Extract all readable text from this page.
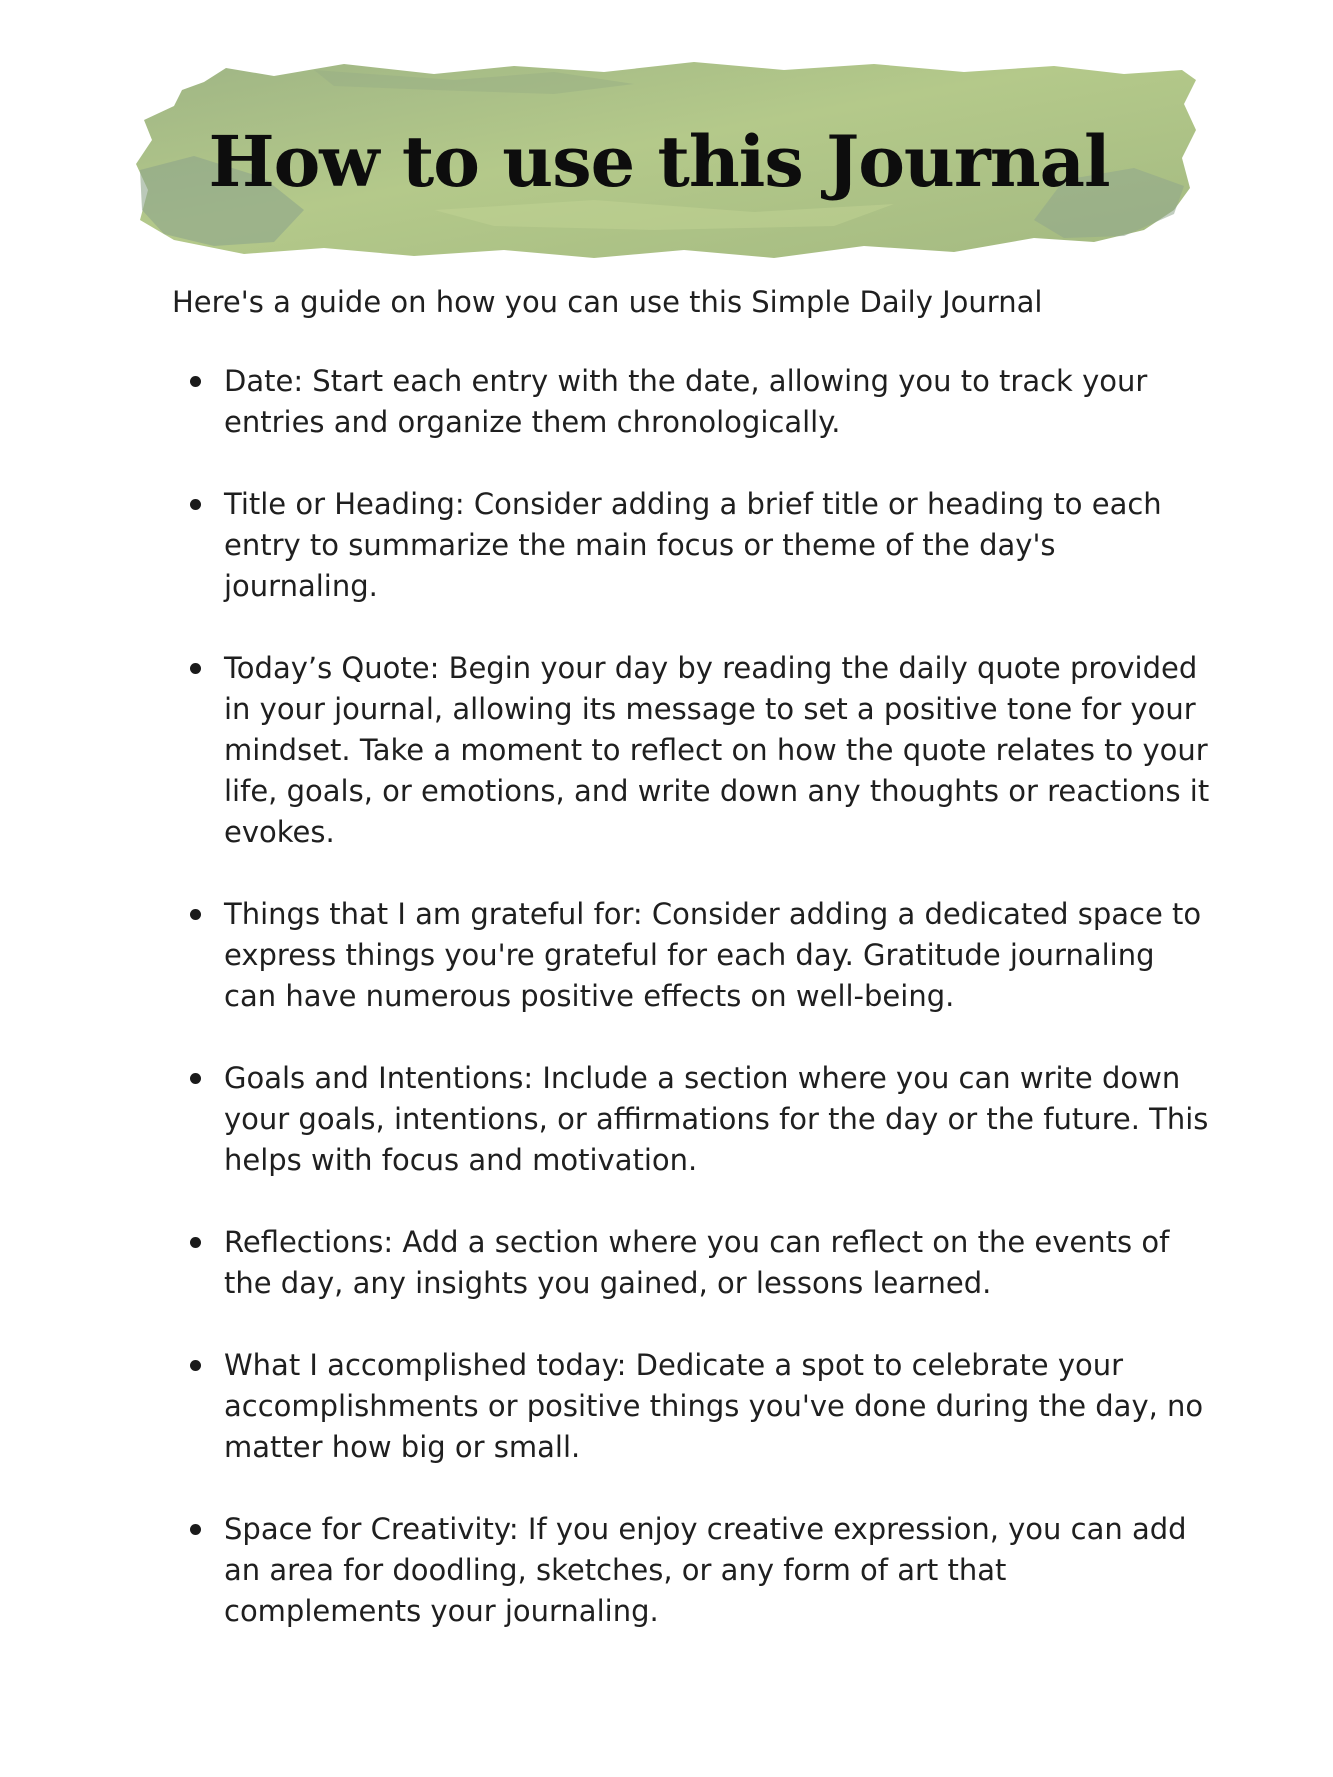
How to use this Journal

Here's a guide on how you can use this Simple Daily Journal

Date: Start each entry with the date, allowing you to track your entries and organize them chronologically.
Title or Heading: Consider adding a brief title or heading to each entry to summarize the main focus or theme of the day's journaling.
Today’s Quote: Begin your day by reading the daily quote provided in your journal, allowing its message to set a positive tone for your mindset. Take a moment to reflect on how the quote relates to your life, goals, or emotions, and write down any thoughts or reactions it evokes.
Things that I am grateful for: Consider adding a dedicated space to express things you're grateful for each day. Gratitude journaling can have numerous positive effects on well-being.
Goals and Intentions: Include a section where you can write down your goals, intentions, or affirmations for the day or the future. This helps with focus and motivation.
Reflections: Add a section where you can reflect on the events of the day, any insights you gained, or lessons learned.
What I accomplished today: Dedicate a spot to celebrate your accomplishments or positive things you've done during the day, no matter how big or small.
Space for Creativity: If you enjoy creative expression, you can add an area for doodling, sketches, or any form of art that complements your journaling.
